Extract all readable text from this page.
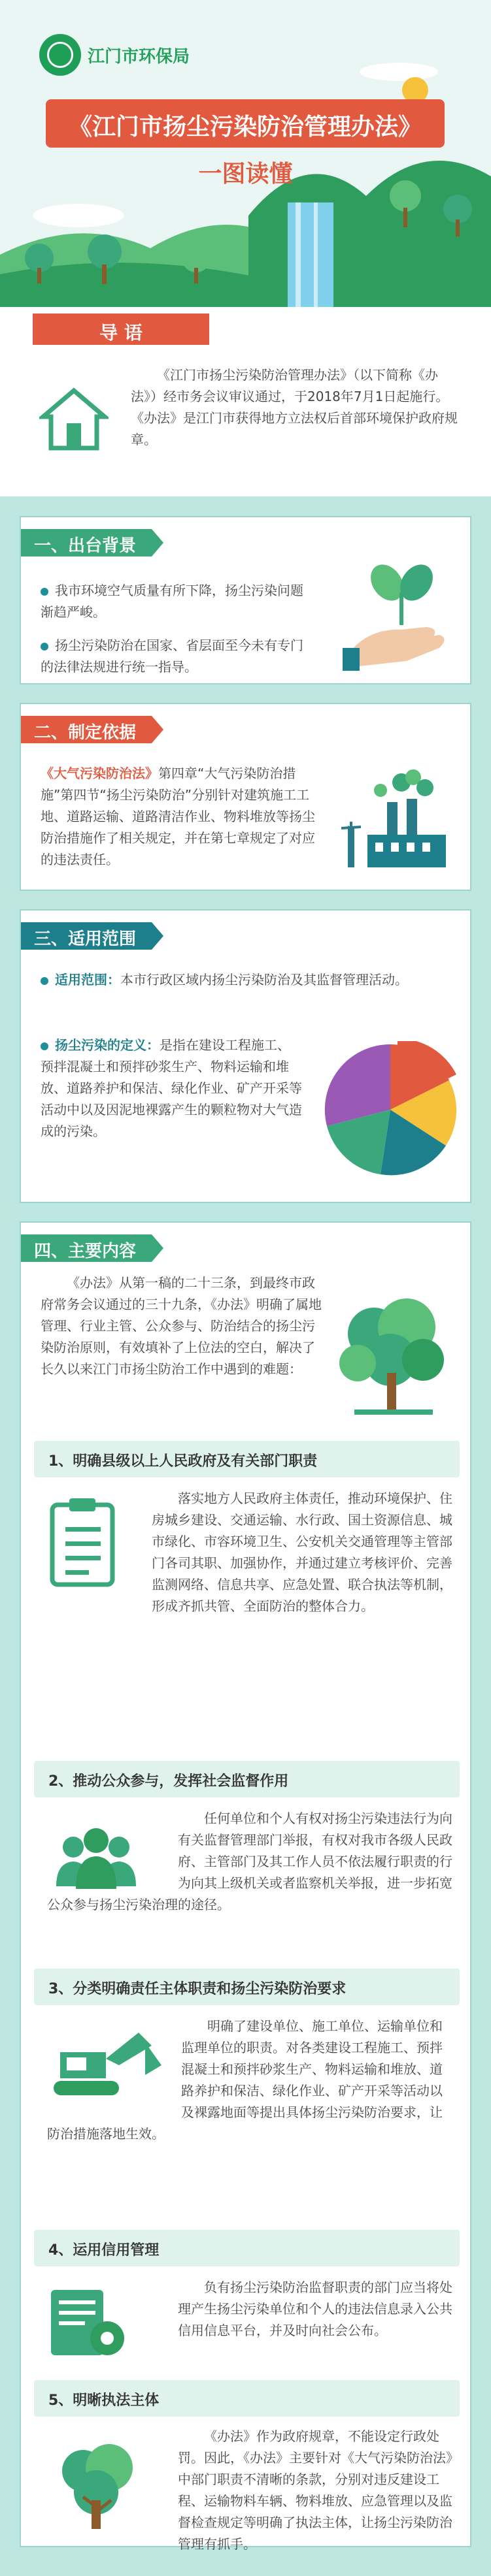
江门市环保局
《江门市扬尘污染防治管理办法》
一图读懂
导 语
《江门市扬尘污染防治管理办法》（以下简称《办法》）经市务会议审议通过，于2018年7月1日起施行。《办法》是江门市获得地方立法权后首部环境保护政府规章。
一、出台背景

我市环境空气质量有所下降，扬尘污染问题渐趋严峻。

扬尘污染防治在国家、省层面至今未有专门的法律法规进行统一指导。

二、制定依据
《大气污染防治法》第四章“大气污染防治措施”第四节“扬尘污染防治”分别针对建筑施工工地、道路运输、道路清洁作业、物料堆放等扬尘防治措施作了相关规定，并在第七章规定了对应的违法责任。
三、适用范围
适用范围：本市行政区域内扬尘污染防治及其监督管理活动。
扬尘污染的定义：是指在建设工程施工、预拌混凝土和预拌砂浆生产、物料运输和堆放、道路养护和保洁、绿化作业、矿产开采等活动中以及因泥地裸露产生的颗粒物对大气造成的污染。
四、主要内容
《办法》从第一稿的二十三条，到最终市政府常务会议通过的三十九条，《办法》明确了属地管理、行业主管、公众参与、防治结合的扬尘污染防治原则，有效填补了上位法的空白，解决了长久以来江门市扬尘防治工作中遇到的难题：
1、明确县级以上人民政府及有关部门职责
落实地方人民政府主体责任，推动环境保护、住房城乡建设、交通运输、水行政、国土资源信息、城市绿化、市容环境卫生、公安机关交通管理等主管部门各司其职、加强协作，并通过建立考核评价、完善监测网络、信息共享、应急处置、联合执法等机制，形成齐抓共管、全面防治的整体合力。
2、推动公众参与，发挥社会监督作用
任何单位和个人有权对扬尘污染违法行为向有关监督管理部门举报，有权对我市各级人民政府、主管部门及其工作人员不依法履行职责的行为向其上级机关或者监察机关举报，进一步拓宽公众参与扬尘污染治理的途径。
3、分类明确责任主体职责和扬尘污染防治要求
明确了建设单位、施工单位、运输单位和监理单位的职责。对各类建设工程施工、预拌混凝土和预拌砂浆生产、物料运输和堆放、道路养护和保洁、绿化作业、矿产开采等活动以及裸露地面等提出具体扬尘污染防治要求，让防治措施落地生效。
4、运用信用管理
负有扬尘污染防治监督职责的部门应当将处理产生扬尘污染单位和个人的违法信息录入公共信用信息平台，并及时向社会公布。
5、明晰执法主体
《办法》作为政府规章，不能设定行政处罚。因此，《办法》主要针对《大气污染防治法》中部门职责不清晰的条款，分别对违反建设工程、运输物料车辆、物料堆放、应急管理以及监督检查规定等明确了执法主体，让扬尘污染防治管理有抓手。
